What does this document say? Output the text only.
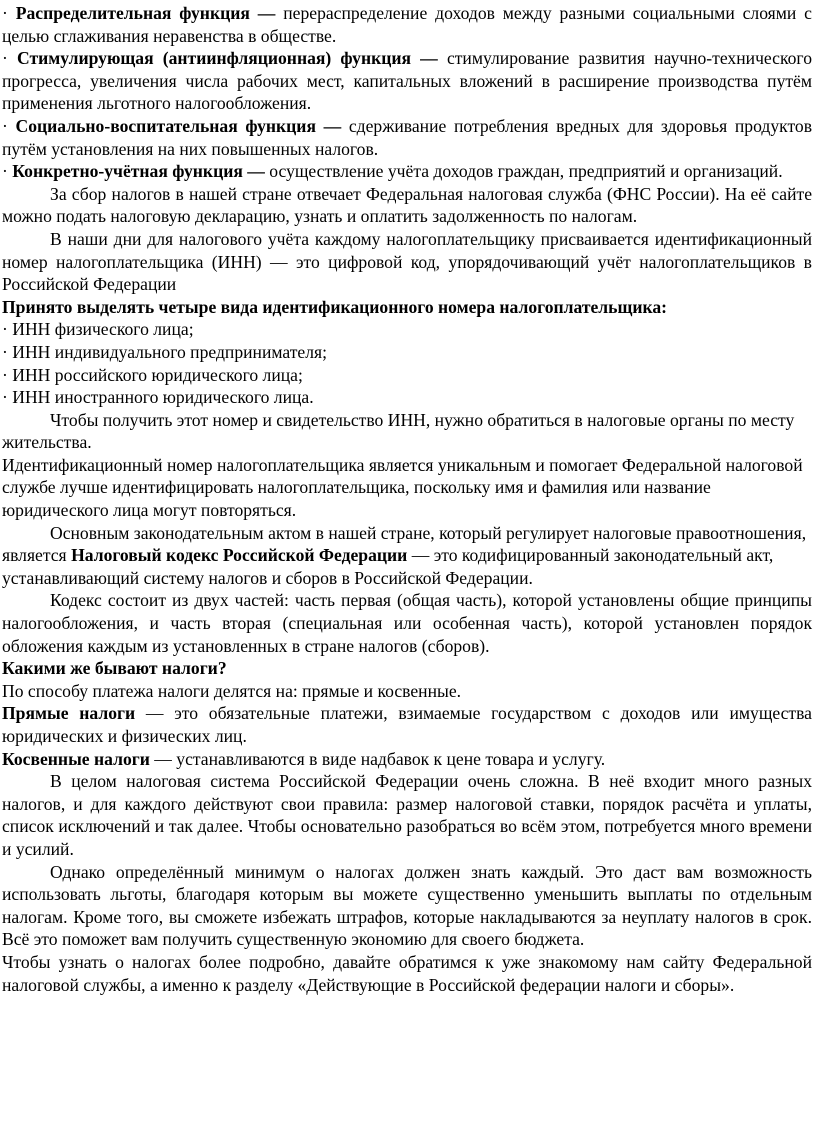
· Распределительная функция — перераспределение доходов между разными социальными слоями с целью сглаживания неравенства в обществе.

· Стимулирующая (антиинфляционная) функция — стимулирование развития научно-технического прогресса, увеличения числа рабочих мест, капитальных вложений в расширение производства путём применения льготного налогообложения.

· Социально-воспитательная функция — сдерживание потребления вредных для здоровья продуктов путём установления на них повышенных налогов.

· Конкретно-учётная функция — осуществление учёта доходов граждан, предприятий и организаций.

За сбор налогов в нашей стране отвечает Федеральная налоговая служба (ФНС России). На её сайте можно подать налоговую декларацию, узнать и оплатить задолженность по налогам.

В наши дни для налогового учёта каждому налогоплательщику присваивается идентификационный номер налогоплательщика (ИНН) — это цифровой код, упорядочивающий учёт налогоплательщиков в Российской Федерации

Принято выделять четыре вида идентификационного номера налогоплательщика:

· ИНН физического лица;

· ИНН индивидуального предпринимателя;

· ИНН российского юридического лица;

· ИНН иностранного юридического лица.

Чтобы получить этот номер и свидетельство ИНН, нужно обратиться в налоговые органы по месту жительства.

Идентификационный номер налогоплательщика является уникальным и помогает Федеральной налоговой службе лучше идентифицировать налогоплательщика, поскольку имя и фамилия или название юридического лица могут повторяться.

Основным законодательным актом в нашей стране, который регулирует налоговые правоотношения, является Налоговый кодекс Российской Федерации — это кодифицированный законодательный акт, устанавливающий систему налогов и сборов в Российской Федерации.

Кодекс состоит из двух частей: часть первая (общая часть), которой установлены общие принципы налогообложения, и часть вторая (специальная или особенная часть), которой установлен порядок обложения каждым из установленных в стране налогов (сборов).

Какими же бывают налоги?

По способу платежа налоги делятся на: прямые и косвенные.

Прямые налоги — это обязательные платежи, взимаемые государством с доходов или имущества юридических и физических лиц.

Косвенные налоги — устанавливаются в виде надбавок к цене товара и услугу.

В целом налоговая система Российской Федерации очень сложна. В неё входит много разных налогов, и для каждого действуют свои правила: размер налоговой ставки, порядок расчёта и уплаты, список исключений и так далее. Чтобы основательно разобраться во всём этом, потребуется много времени и усилий.

Однако определённый минимум о налогах должен знать каждый. Это даст вам возможность использовать льготы, благодаря которым вы можете существенно уменьшить выплаты по отдельным налогам. Кроме того, вы сможете избежать штрафов, которые накладываются за неуплату налогов в срок. Всё это поможет вам получить существенную экономию для своего бюджета.

Чтобы узнать о налогах более подробно, давайте обратимся к уже знакомому нам сайту Федеральной налоговой службы, а именно к разделу «Действующие в Российской федерации налоги и сборы».
